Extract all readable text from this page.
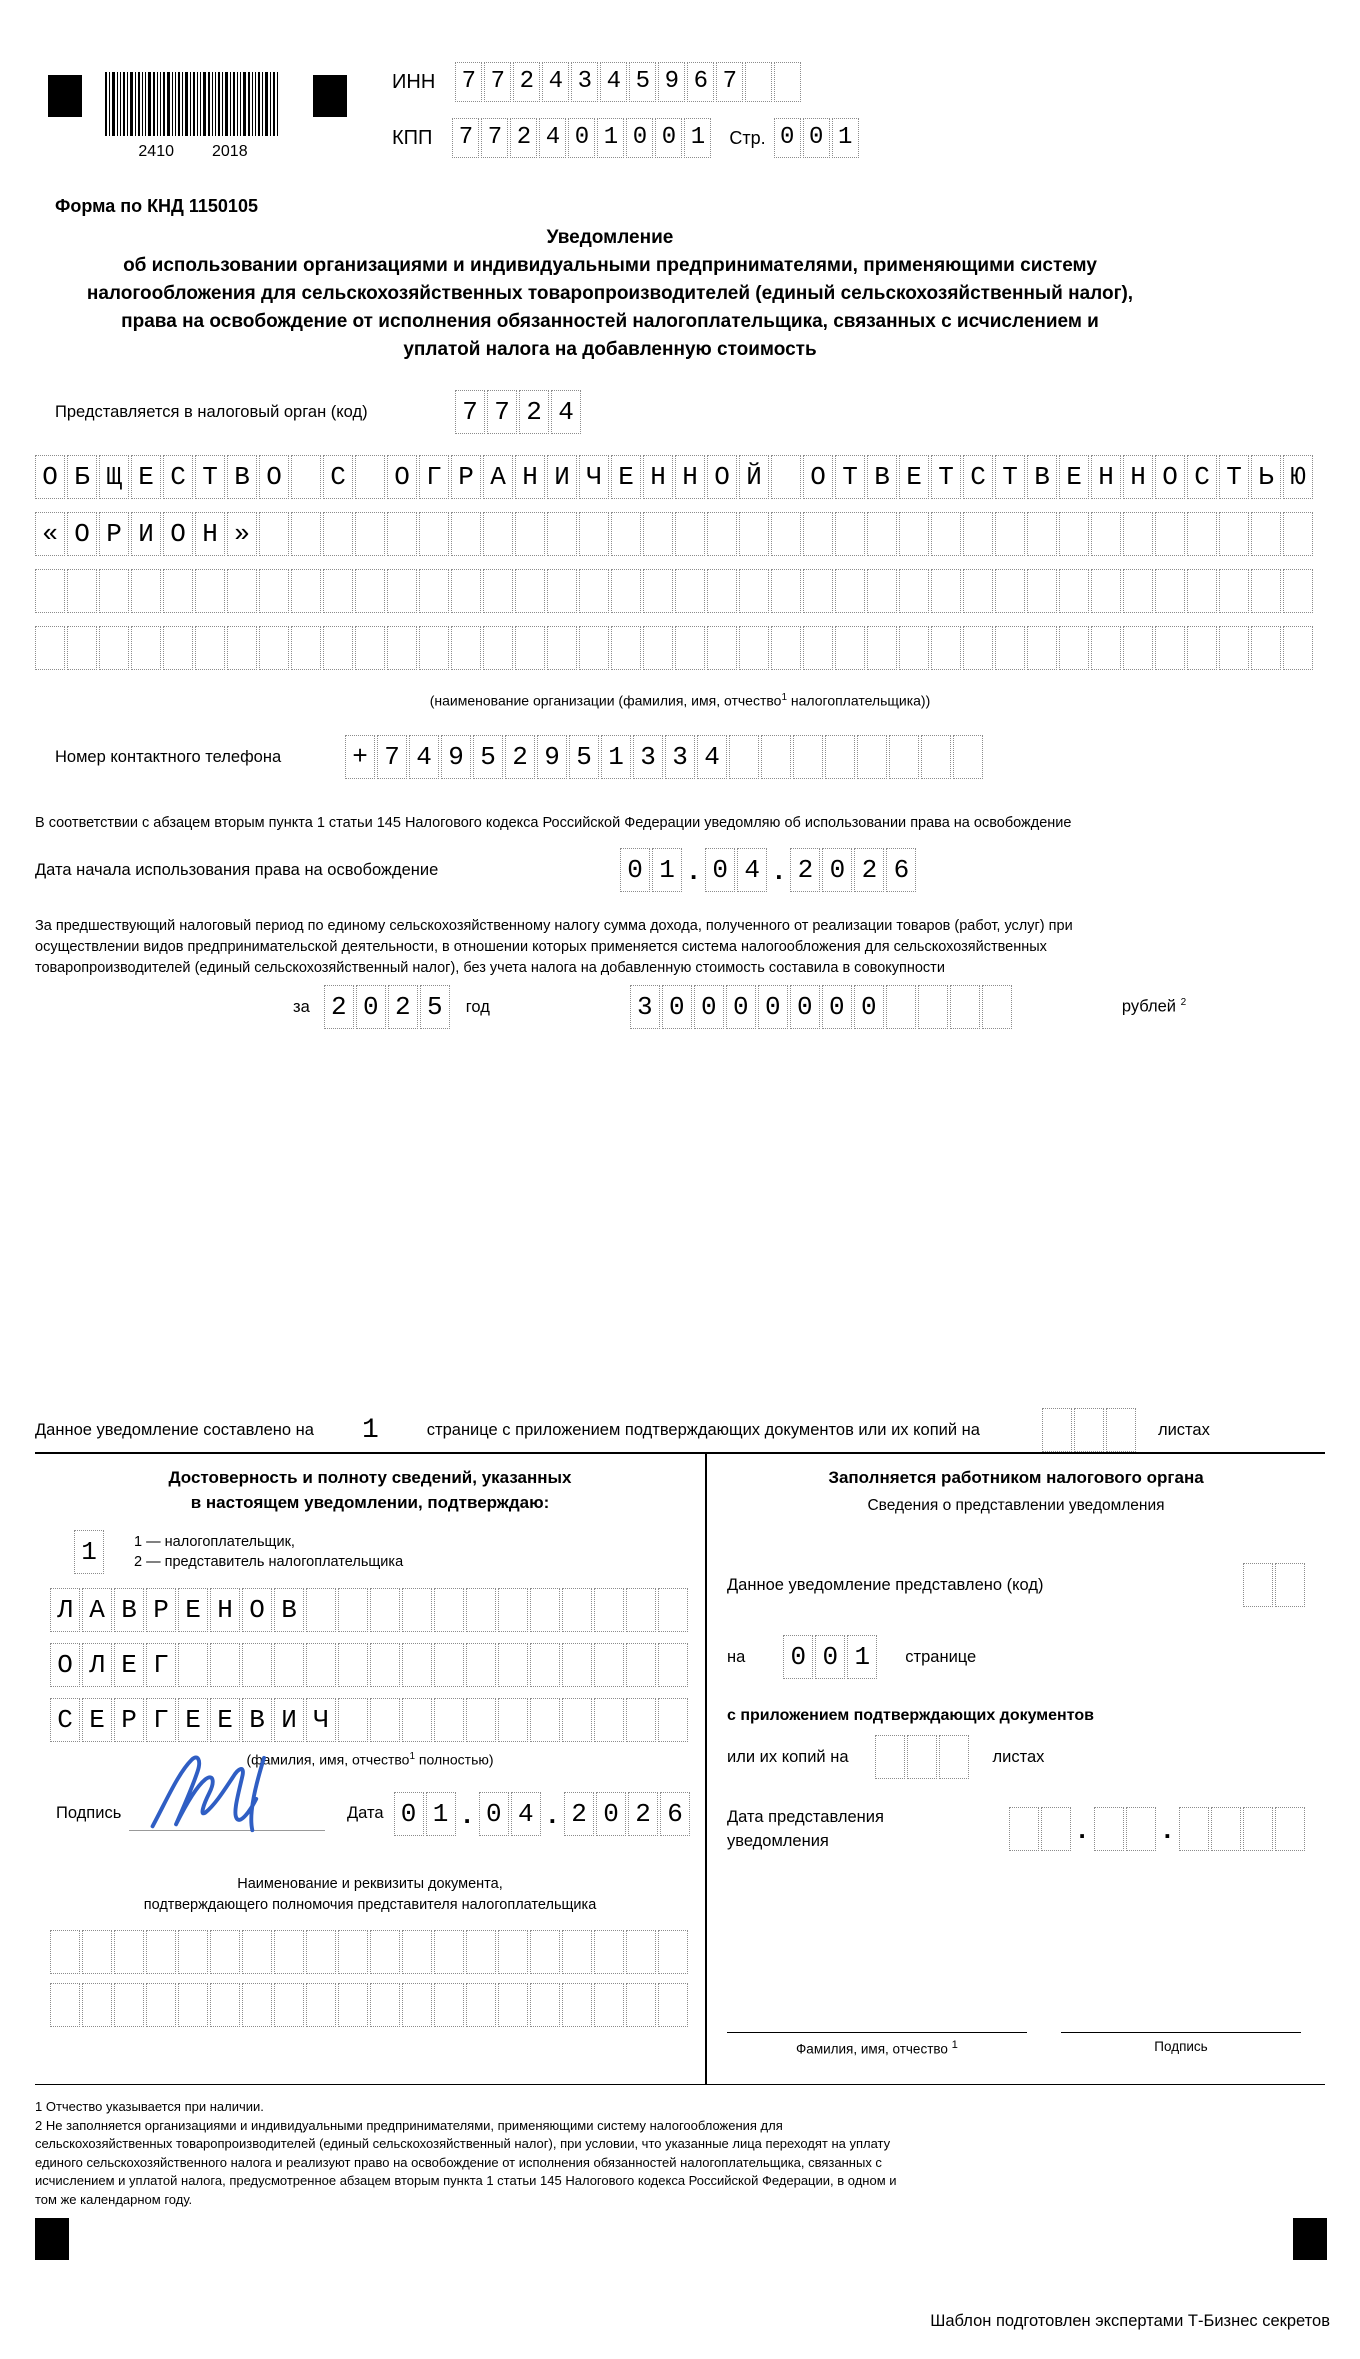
2410 2018
ИНН 7 7 2 4 3 4 5 9 6 7
КПП 7 7 2 4 0 1 0 0 1	Стр. 0 0 1
Форма по КНД 1150105
Уведомление
об использовании организациями и индивидуальными предпринимателями, применяющими систему
налогообложения для сельскохозяйственных товаропроизводителей (единый сельскохозяйственный налог),
права на освобождение от исполнения обязанностей налогоплательщика, связанных с исчислением и
уплатой налога на добавленную стоимость
Представляется в налоговый орган (код)	7 7 2 4
О Б Щ Е С Т В О С О Г Р А Н И Ч Е Н Н О Й О Т В Е Т С Т В Е Н Н О С Т Ь Ю
« О Р И О Н »
(наименование организации (фамилия, имя, отчество$^1$ налогоплательщика))
Номер контактного телефона	+ 7 4 9 5 2 9 5 1 3 3 4

В соответствии с абзацем вторым пункта 1 статьи 145 Налогового кодекса Российской Федерации уведомляю об использовании права на освобождение

Дата начала использования права на освобождение	0 1 . 0 4 . 2 0 2 6

За предшествующий налоговый период по единому сельскохозяйственному налогу сумма дохода, полученного от реализации товаров (работ, услуг) при осуществлении видов предпринимательской деятельности, в отношении которых применяется система налогообложения для сельскохозяйственных товаропроизводителей (единый сельскохозяйственный налог), без учета налога на добавленную стоимость составила в совокупности

за 2 0 2 5	год	3 0 0 0 0 0 0 0	рублей $^2$
Данное уведомление составлено на 1	странице с приложением подтверждающих документов или их копий на	листах
Достоверность и полноту сведений, указанных
в настоящем уведомлении, подтверждаю:
1	1 — налогоплательщик,
2 — представитель налогоплательщика
Л А В Р Е Н О В
О Л Е Г
С Е Р Г Е Е В И Ч
(фамилия, имя, отчество$^1$ полностью)
Подпись	Дата 0 1 . 0 4 . 2 0 2 6
Наименование и реквизиты документа,
подтверждающего полномочия представителя налогоплательщика
Заполняется работником налогового органа
Сведения о представлении уведомления
Данное уведомление представлено (код)
на 0 0 1	странице
с приложением подтверждающих документов
или их копий на	листах
Дата представления
уведомления	.	.
Фамилия, имя, отчество $^1$	Подпись

1 Отчество указывается при наличии.

2 Не заполняется организациями и индивидуальными предпринимателями, применяющими систему налогообложения для сельскохозяйственных товаропроизводителей (единый сельскохозяйственный налог), при условии, что указанные лица переходят на уплату единого сельскохозяйственного налога и реализуют право на освобождение от исполнения обязанностей налогоплательщика, связанных с исчислением и уплатой налога, предусмотренное абзацем вторым пункта 1 статьи 145 Налогового кодекса Российской Федерации, в одном и том же календарном году.

Шаблон подготовлен экспертами Т-Бизнес секретов
